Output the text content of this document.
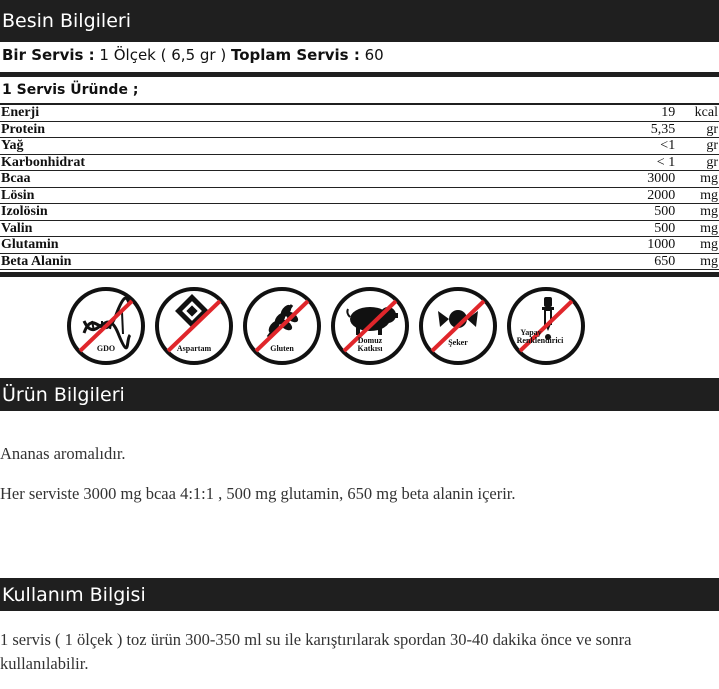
Besin Bilgileri
Bir Servis : 1 Ölçek ( 6,5 gr ) Toplam Servis : 60
1 Servis Üründe ;
Enerji	19	kcal
Protein	5,35	gr
Yağ	<1	gr
Karbonhidrat	< 1	gr
Bcaa	3000	mg
Lösin	2000	mg
Izolösin	500	mg
Valin	500	mg
Glutamin	1000	mg
Beta Alanin	650	mg
GDO	Aspartam	Gluten
Domuz
Katkısı
Şeker
Yapay
Renklendirici
Ürün Bilgileri
Ananas aromalıdır.
Her serviste 3000 mg bcaa 4:1:1 , 500 mg glutamin, 650 mg beta alanin içerir.
Kullanım Bilgisi
1 servis ( 1 ölçek ) toz ürün 300-350 ml su ile karıştırılarak spordan 30-40 dakika önce ve sonra kullanılabilir.
